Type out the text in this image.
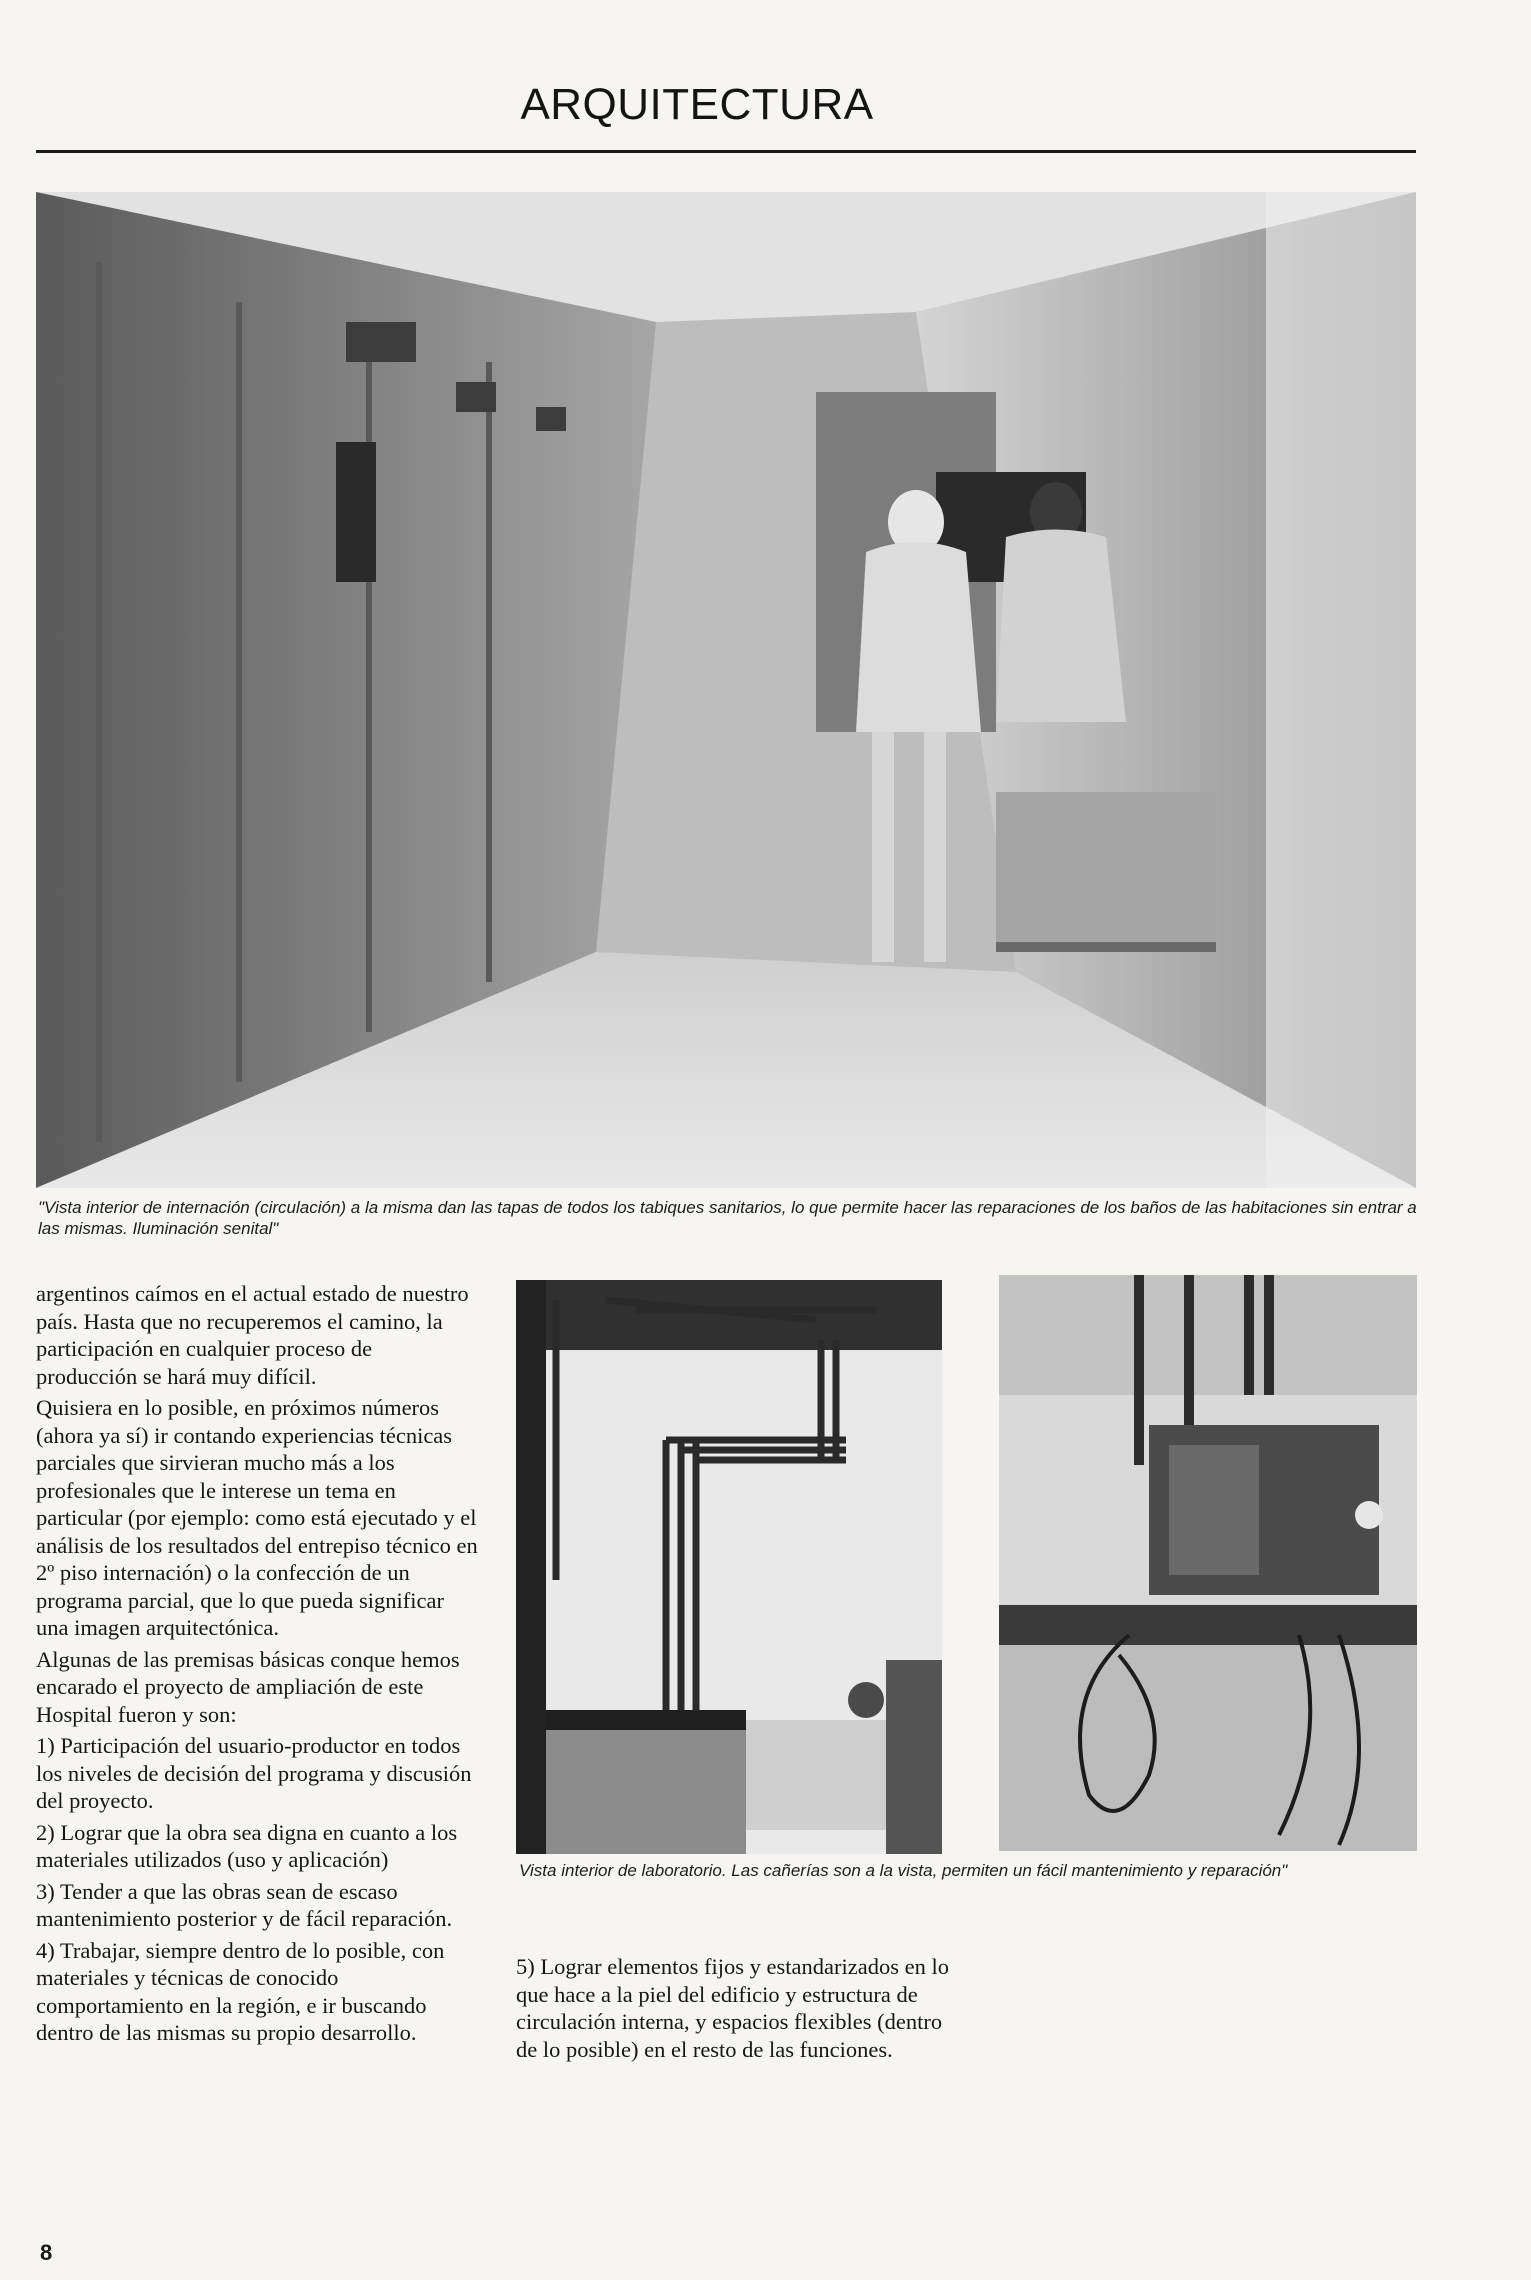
ARQUITECTURA
"Vista interior de internación (circulación) a la misma dan las tapas de todos los tabiques sanitarios, lo que permite hacer las reparaciones de los baños de las habitaciones sin entrar a las mismas. Iluminación senital"
Vista interior de laboratorio. Las cañerías son a la vista, permiten un fácil mantenimiento y reparación"

argentinos caímos en el actual estado de nuestro país. Hasta que no recuperemos el camino, la participación en cualquier proceso de producción se hará muy difícil.

Quisiera en lo posible, en próximos números (ahora ya sí) ir contando experiencias técnicas parciales que sirvieran mucho más a los profesionales que le interese un tema en particular (por ejemplo: como está ejecutado y el análisis de los resultados del entrepiso técnico en 2º piso internación) o la confección de un programa parcial, que lo que pueda significar una imagen arquitectónica.

Algunas de las premisas básicas conque hemos encarado el proyecto de ampliación de este Hospital fueron y son:

1) Participación del usuario-productor en todos los niveles de decisión del programa y discusión del proyecto.

2) Lograr que la obra sea digna en cuanto a los materiales utilizados (uso y aplicación)

3) Tender a que las obras sean de escaso mantenimiento posterior y de fácil reparación.

4) Trabajar, siempre dentro de lo posible, con materiales y técnicas de conocido comportamiento en la región, e ir buscando dentro de las mismas su propio desarrollo.

5) Lograr elementos fijos y estandarizados en lo que hace a la piel del edificio y estructura de circulación interna, y espacios flexibles (dentro de lo posible) en el resto de las funciones.

8
